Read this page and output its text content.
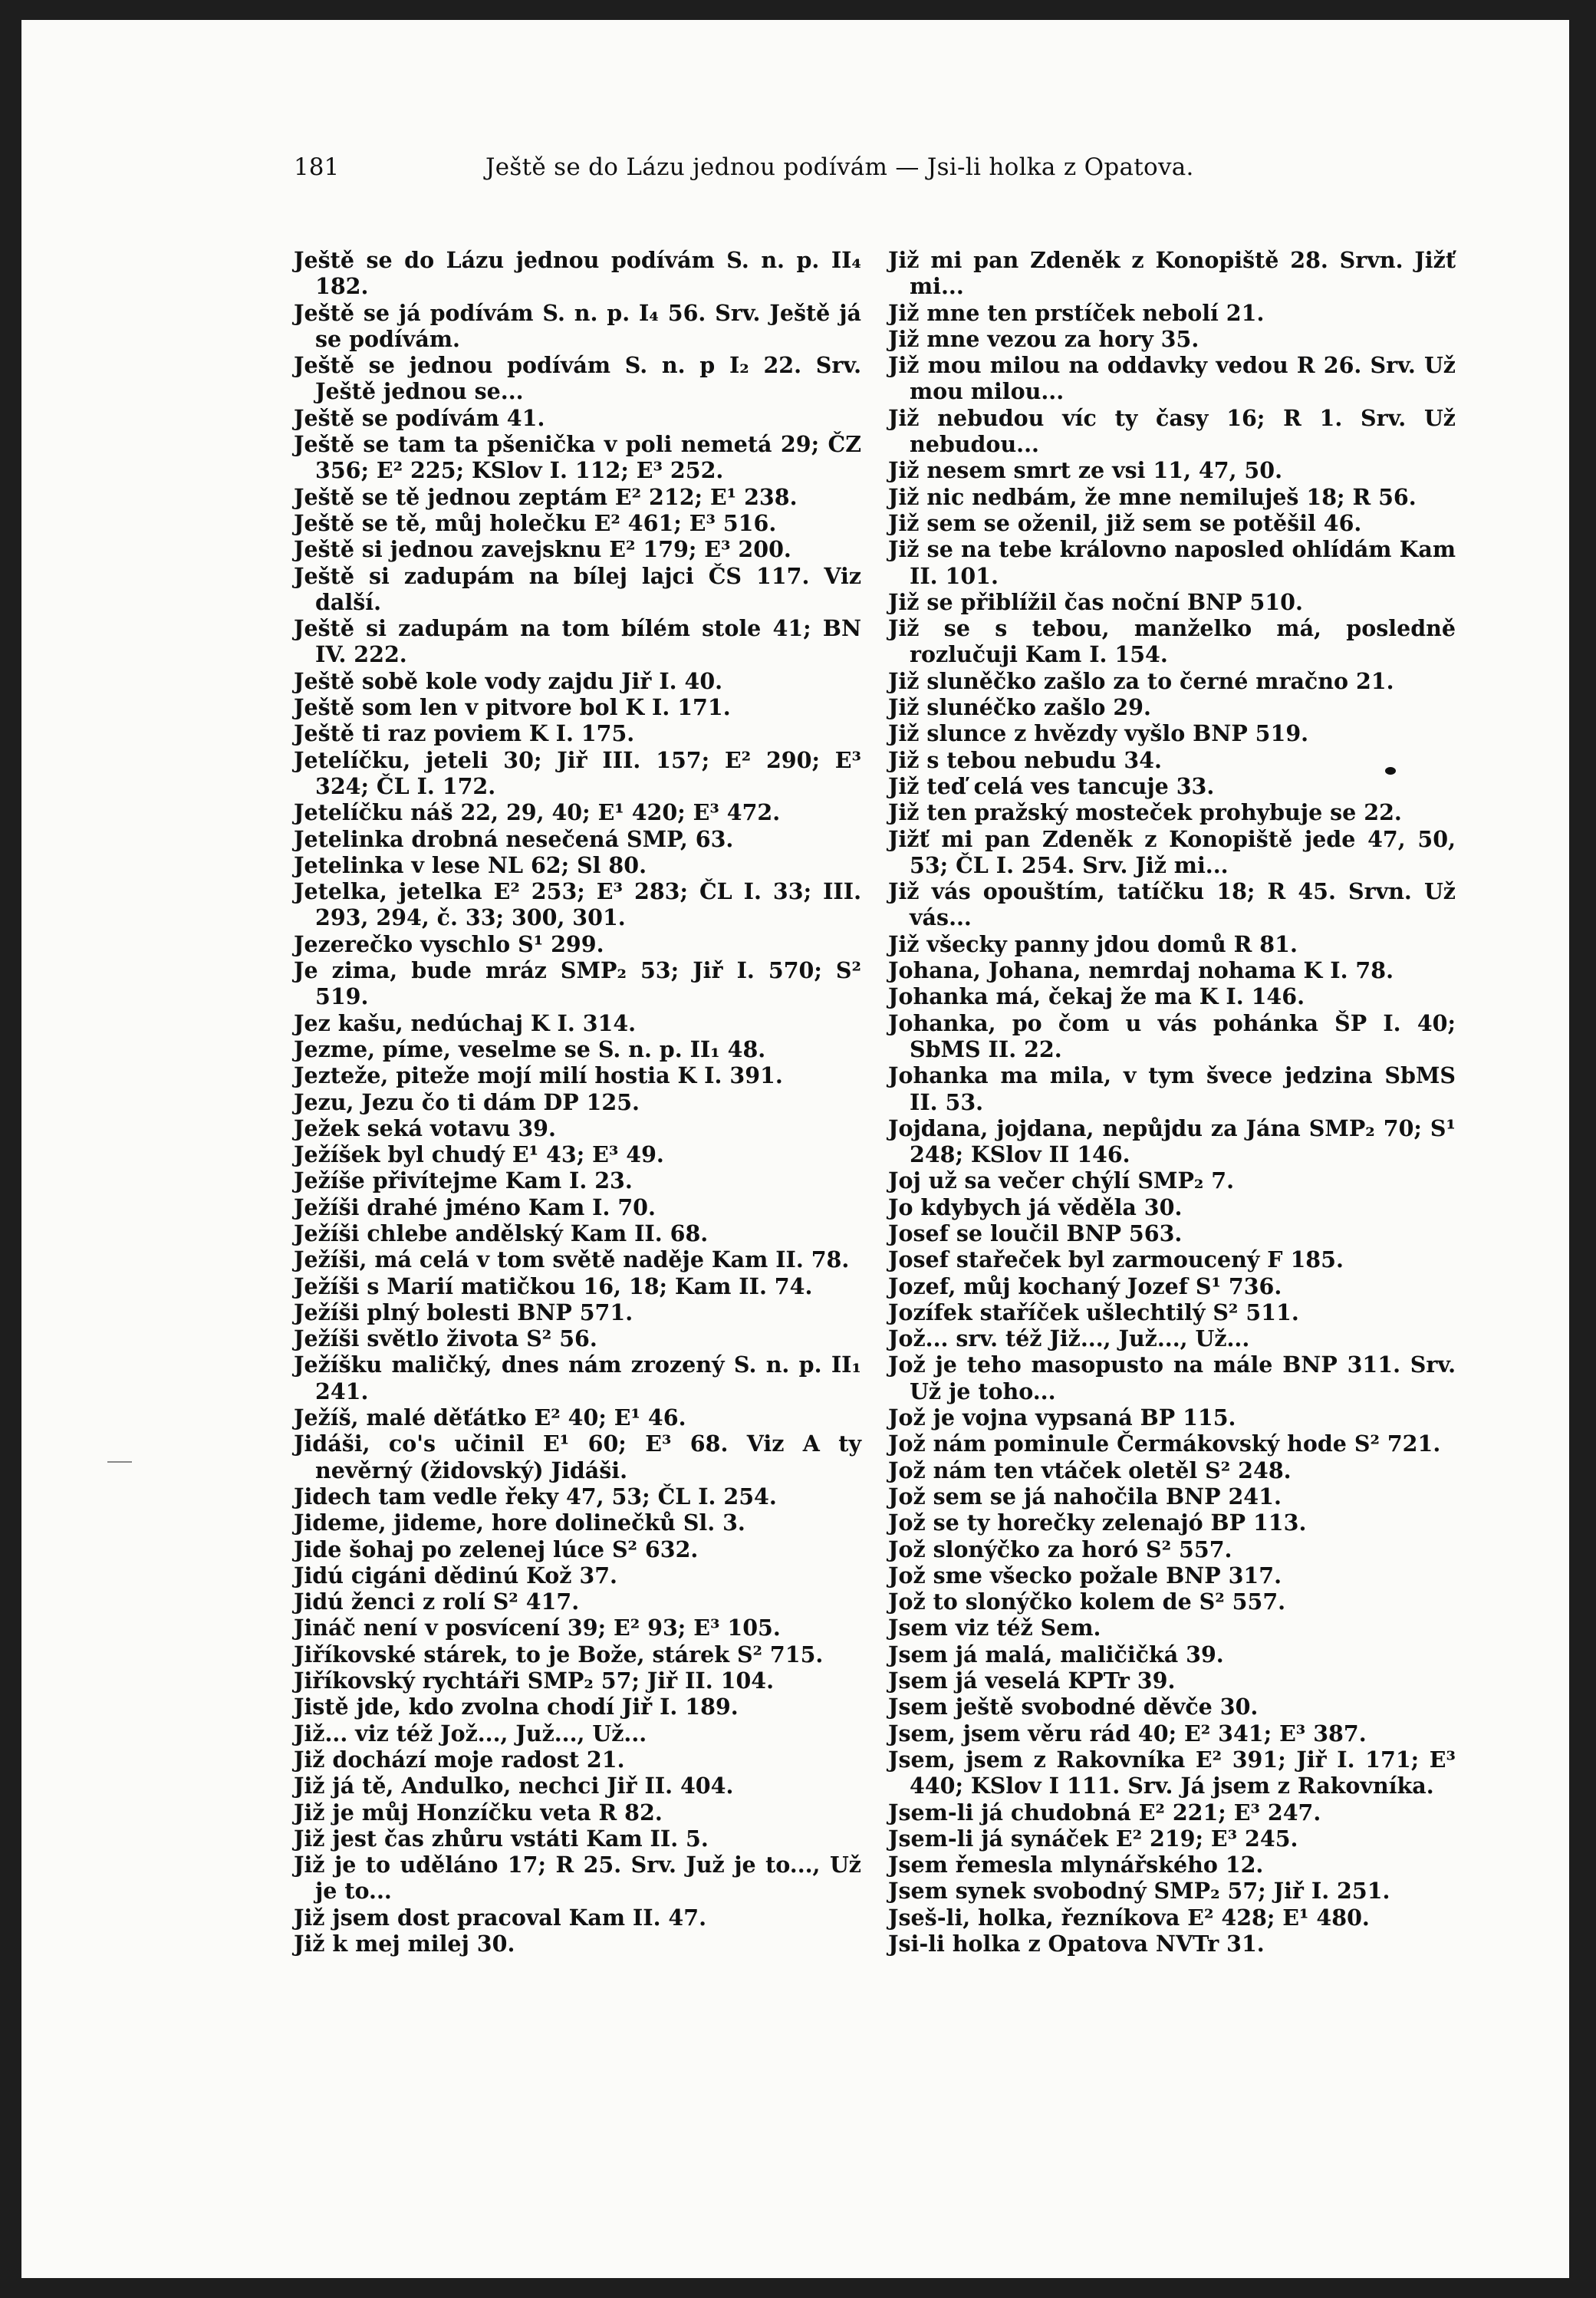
181	Ještě se do Lázu jednou podívám — Jsi-li holka z Opatova.
Ještě se do Lázu jednou podívám S. n. p. II₄ 182.
Ještě se já podívám S. n. p. I₄ 56. Srv. Ještě já se podívám.
Ještě se jednou podívám S. n. p I₂ 22. Srv. Ještě jednou se...
Ještě se podívám 41.
Ještě se tam ta pšenička v poli nemetá 29; ČZ 356; E² 225; KSlov I. 112; E³ 252.
Ještě se tě jednou zeptám E² 212; E¹ 238.
Ještě se tě, můj holečku E² 461; E³ 516.
Ještě si jednou zavejsknu E² 179; E³ 200.
Ještě si zadupám na bílej lajci ČS 117. Viz další.
Ještě si zadupám na tom bílém stole 41; BN IV. 222.
Ještě sobě kole vody zajdu Jiř I. 40.
Ještě som len v pitvore bol K I. 171.
Ještě ti raz poviem K I. 175.
Jetelíčku, jeteli 30; Jiř III. 157; E² 290; E³ 324; ČL I. 172.
Jetelíčku náš 22, 29, 40; E¹ 420; E³ 472.
Jetelinka drobná nesečená SMP, 63.
Jetelinka v lese NL 62; Sl 80.
Jetelka, jetelka E² 253; E³ 283; ČL I. 33; III. 293, 294, č. 33; 300, 301.
Jezerečko vyschlo S¹ 299.
Je zima, bude mráz SMP₂ 53; Jiř I. 570; S² 519.
Jez kašu, nedúchaj K I. 314.
Jezme, píme, veselme se S. n. p. II₁ 48.
Jezteže, pitеže mojí milí hostia K I. 391.
Jezu, Jezu čo ti dám DP 125.
Ježek seká votavu 39.
Ježíšek byl chudý E¹ 43; E³ 49.
Ježíše přivítejme Kam I. 23.
Ježíši drahé jméno Kam I. 70.
Ježíši chlebe andělský Kam II. 68.
Ježíši, má celá v tom světě naděje Kam II. 78.
Ježíši s Marií matičkou 16, 18; Kam II. 74.
Ježíši plný bolesti BNP 571.
Ježíši světlo života S² 56.
Ježíšku maličký, dnes nám zrozený S. n. p. II₁ 241.
Ježíš, malé děťátko E² 40; E¹ 46.
Jidáši, co's učinil E¹ 60; E³ 68. Viz A ty nevěrný (židovský) Jidáši.
Jidech tam vedle řeky 47, 53; ČL I. 254.
Jideme, jideme, hore dolinečků Sl. 3.
Jide šohaj po zelenej lúce S² 632.
Jidú cigáni dědinú Kož 37.
Jidú ženci z rolí S² 417.
Jináč není v posvícení 39; E² 93; E³ 105.
Jiříkovské stárek, to je Bože, stárek S² 715.
Jiříkovský rychtáři SMP₂ 57; Jiř II. 104.
Jistě jde, kdo zvolna chodí Jiř I. 189.
Již... viz též Jož..., Juž..., Už...
Již dochází moje radost 21.
Již já tě, Andulko, nechci Jiř II. 404.
Již je můj Honzíčku veta R 82.
Již jest čas zhůru vstáti Kam II. 5.
Již je to uděláno 17; R 25. Srv. Juž je to..., Už je to...
Již jsem dost pracoval Kam II. 47.
Již k mej milej 30.
Již mi pan Zdeněk z Konopiště 28. Srvn. Jižť mi...
Již mne ten prstíček nebolí 21.
Již mne vezou za hory 35.
Již mou milou na oddavky vedou R 26. Srv. Už mou milou...
Již nebudou víc ty časy 16; R 1. Srv. Už nebudou...
Již nesem smrt ze vsi 11, 47, 50.
Již nic nedbám, že mne nemiluješ 18; R 56.
Již sem se oženil, již sem se potěšil 46.
Již se na tebe královno naposled ohlídám Kam II. 101.
Již se přiblížil čas noční BNP 510.
Již se s tebou, manželko má, posledně rozlučuji Kam I. 154.
Již sluněčko zašlo za to černé mračno 21.
Již slunéčko zašlo 29.
Již slunce z hvězdy vyšlo BNP 519.
Již s tebou nebudu 34.
Již teď celá ves tancuje 33.
Již ten pražský mostеček prohybuje se 22.
Jižť mi pan Zdeněk z Konopiště jede 47, 50, 53; ČL I. 254. Srv. Již mi...
Již vás opouštím, tatíčku 18; R 45. Srvn. Už vás...
Již všecky panny jdou domů R 81.
Johana, Johana, nemrdaj nohama K I. 78.
Johanka má, čekaj že ma K I. 146.
Johanka, po čom u vás pohánka ŠP I. 40; SbMS II. 22.
Johanka ma mila, v tym švece jedzina SbMS II. 53.
Jojdana, jojdana, nepůjdu za Jána SMP₂ 70; S¹ 248; KSlov II 146.
Joj už sa večer chýlí SMP₂ 7.
Jo kdybych já věděla 30.
Josef se loučil BNP 563.
Josef stařeček byl zarmoucený F 185.
Jozef, můj kochaný Jozef S¹ 736.
Jozífek staříček ušlechtilý S² 511.
Jož... srv. též Již..., Juž..., Už...
Jož je teho masopusto na mále BNP 311. Srv. Už je toho...
Jož je vojna vypsaná BP 115.
Jož nám pominule Čermákovský hode S² 721.
Jož nám ten vtáček oletěl S² 248.
Jož sem se já nahočila BNP 241.
Jož se ty horečky zelenajó BP 113.
Jož slonýčko za horó S² 557.
Jož sme všecko požale BNP 317.
Jož to slonýčko kolem de S² 557.
Jsem viz též Sem.
Jsem já malá, maličičká 39.
Jsem já veselá KPTr 39.
Jsem ještě svobodné děvče 30.
Jsem, jsem věru rád 40; E² 341; E³ 387.
Jsem, jsem z Rakovníka E² 391; Jiř I. 171; E³ 440; KSlov I 111. Srv. Já jsem z Rakovníka.
Jsem-li já chudobná E² 221; E³ 247.
Jsem-li já synáček E² 219; E³ 245.
Jsem řemesla mlynářského 12.
Jsem synek svobodný SMP₂ 57; Jiř I. 251.
Jseš-li, holka, řezníkova E² 428; E¹ 480.
Jsi-li holka z Opatova NVTr 31.
